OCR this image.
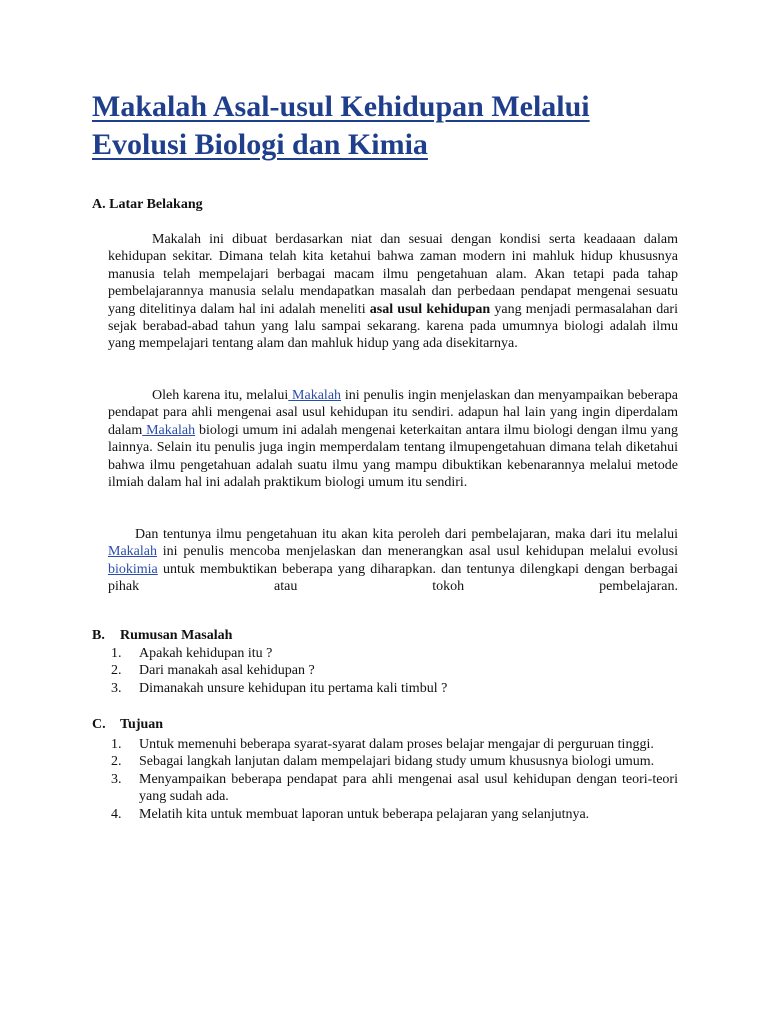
Makalah Asal-usul Kehidupan Melalui Evolusi Biologi dan Kimia

A. Latar Belakang

Makalah ini dibuat berdasarkan niat dan sesuai dengan kondisi serta keadaaan dalam kehidupan sekitar. Dimana telah kita ketahui bahwa zaman modern ini mahluk hidup khususnya manusia telah mempelajari berbagai macam ilmu pengetahuan alam. Akan tetapi pada tahap pembelajarannya manusia selalu mendapatkan masalah dan perbedaan pendapat mengenai sesuatu yang ditelitinya dalam hal ini adalah meneliti asal usul kehidupan yang menjadi permasalahan dari sejak berabad-abad tahun yang lalu sampai sekarang. karena pada umumnya biologi adalah ilmu yang mempelajari tentang alam dan mahluk hidup yang ada disekitarnya.

Oleh karena itu, melalui Makalah ini penulis ingin menjelaskan dan menyampaikan beberapa pendapat para ahli mengenai asal usul kehidupan itu sendiri. adapun hal lain yang ingin diperdalam dalam Makalah biologi umum ini adalah mengenai keterkaitan antara ilmu biologi dengan ilmu yang lainnya. Selain itu penulis juga ingin memperdalam tentang ilmupengetahuan dimana telah diketahui bahwa ilmu pengetahuan adalah suatu ilmu yang mampu dibuktikan kebenarannya melalui metode ilmiah dalam hal ini adalah praktikum biologi umum itu sendiri.

Dan tentunya ilmu pengetahuan itu akan kita peroleh dari pembelajaran, maka dari itu melalui Makalah ini penulis mencoba menjelaskan dan menerangkan asal usul kehidupan melalui evolusi biokimia untuk membuktikan beberapa yang diharapkan. dan tentunya dilengkapi dengan berbagai pihak atau tokoh pembelajaran.

B. Rumusan Masalah

1. Apakah kehidupan itu ?
2. Dari manakah asal kehidupan ?
3. Dimanakah unsure kehidupan itu pertama kali timbul ?

C. Tujuan

1. Untuk memenuhi beberapa syarat-syarat dalam proses belajar mengajar di perguruan tinggi.
2. Sebagai langkah lanjutan dalam mempelajari bidang study umum khususnya biologi umum.
3. Menyampaikan beberapa pendapat para ahli mengenai asal usul kehidupan dengan teori-teori yang sudah ada.
4. Melatih kita untuk membuat laporan untuk beberapa pelajaran yang selanjutnya.
